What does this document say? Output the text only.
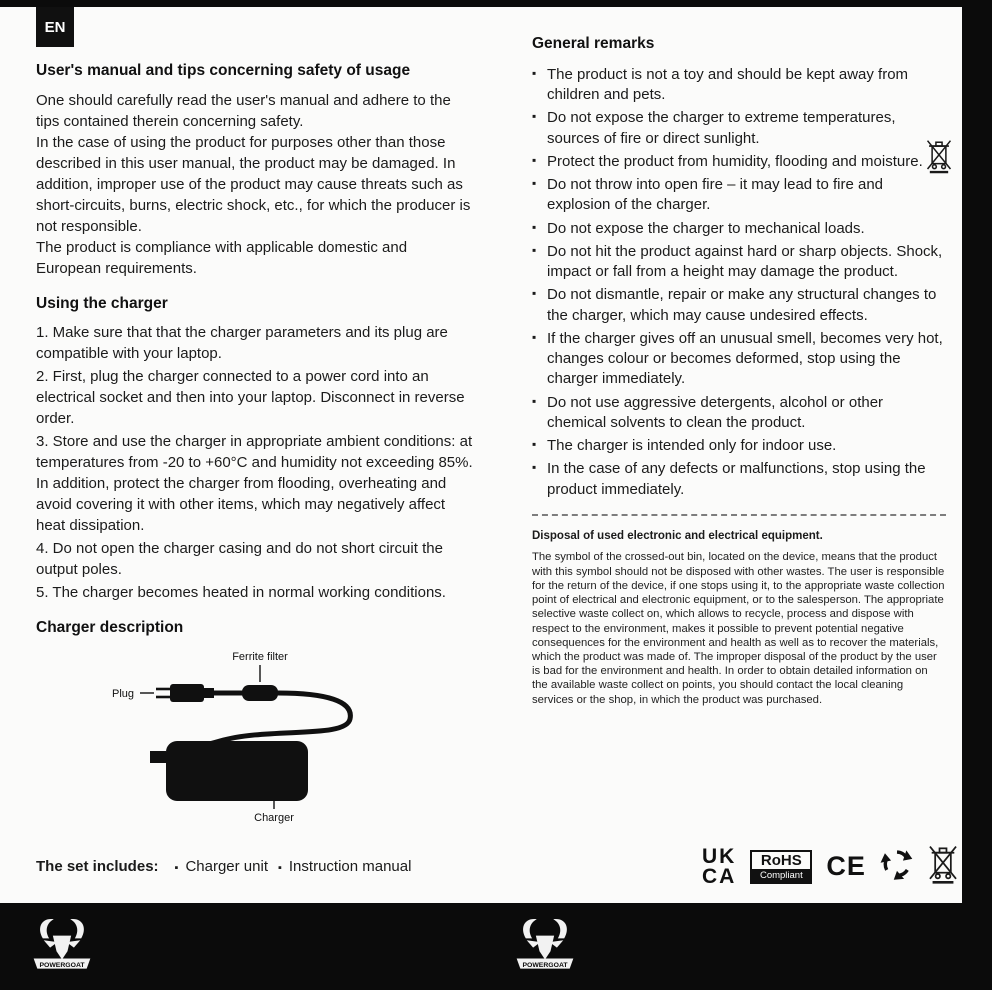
EN
User's manual and tips concerning safety of usage

One should carefully read the user's manual and adhere to the tips contained therein concerning safety.

In the case of using the product for purposes other than those described in this user manual, the product may be damaged. In addition, improper use of the product may cause threats such as short-circuits, burns, electric shock, etc., for which the producer is not responsible.

The product is compliance with applicable domestic and European requirements.

Using the charger
1. Make sure that that the charger parameters and its plug are compatible with your laptop.
2. First, plug the charger connected to a power cord into an electrical socket and then into your laptop. Disconnect in reverse order.
3. Store and use the charger in appropriate ambient conditions: at temperatures from -20 to +60°C and humidity not exceeding 85%. In addition, protect the charger from flooding, overheating and avoid covering it with other items, which may negatively affect heat dissipation.
4. Do not open the charger casing and do not short circuit the output poles.
5. The charger becomes heated in normal working conditions.
Charger description
Ferrite filter
Plug
Charger
General remarks
▪ The product is not a toy and should be kept away from children and pets.
▪ Do not expose the charger to extreme temperatures, sources of fire or direct sunlight.
▪ Protect the product from humidity, flooding and moisture.
▪ Do not throw into open fire – it may lead to fire and explosion of the charger.
▪ Do not expose the charger to mechanical loads.
▪ Do not hit the product against hard or sharp objects. Shock, impact or fall from a height may damage the product.
▪ Do not dismantle, repair or make any structural changes to the charger, which may cause undesired effects.
▪ If the charger gives off an unusual smell, becomes very hot, changes colour or becomes deformed, stop using the charger immediately.
▪ Do not use aggressive detergents, alcohol or other chemical solvents to clean the product.
▪ The charger is intended only for indoor use.
▪ In the case of any defects or malfunctions, stop using the product immediately.
Disposal of used electronic and electrical equipment.
The symbol of the crossed-out bin, located on the device, means that the product with this symbol should not be disposed with other wastes. The user is responsible for the return of the device, if one stops using it, to the appropriate waste collection point of electrical and electronic equipment, or to the salesperson. The appropriate selective waste collect on, which allows to recycle, process and dispose with respect to the environment, makes it possible to prevent potential negative consequences for the environment and health as well as to recover the materials, which the product was made of. The improper disposal of the product by the user is bad for the environment and health. In order to obtain detailed information on the available waste collect on points, you should contact the local cleaning services or the shop, in which the product was purchased.
The set includes: ▪ Charger unit ▪ Instruction manual	UK
CA
RoHS
Compliant CE
POWERGOAT	POWERGOAT
